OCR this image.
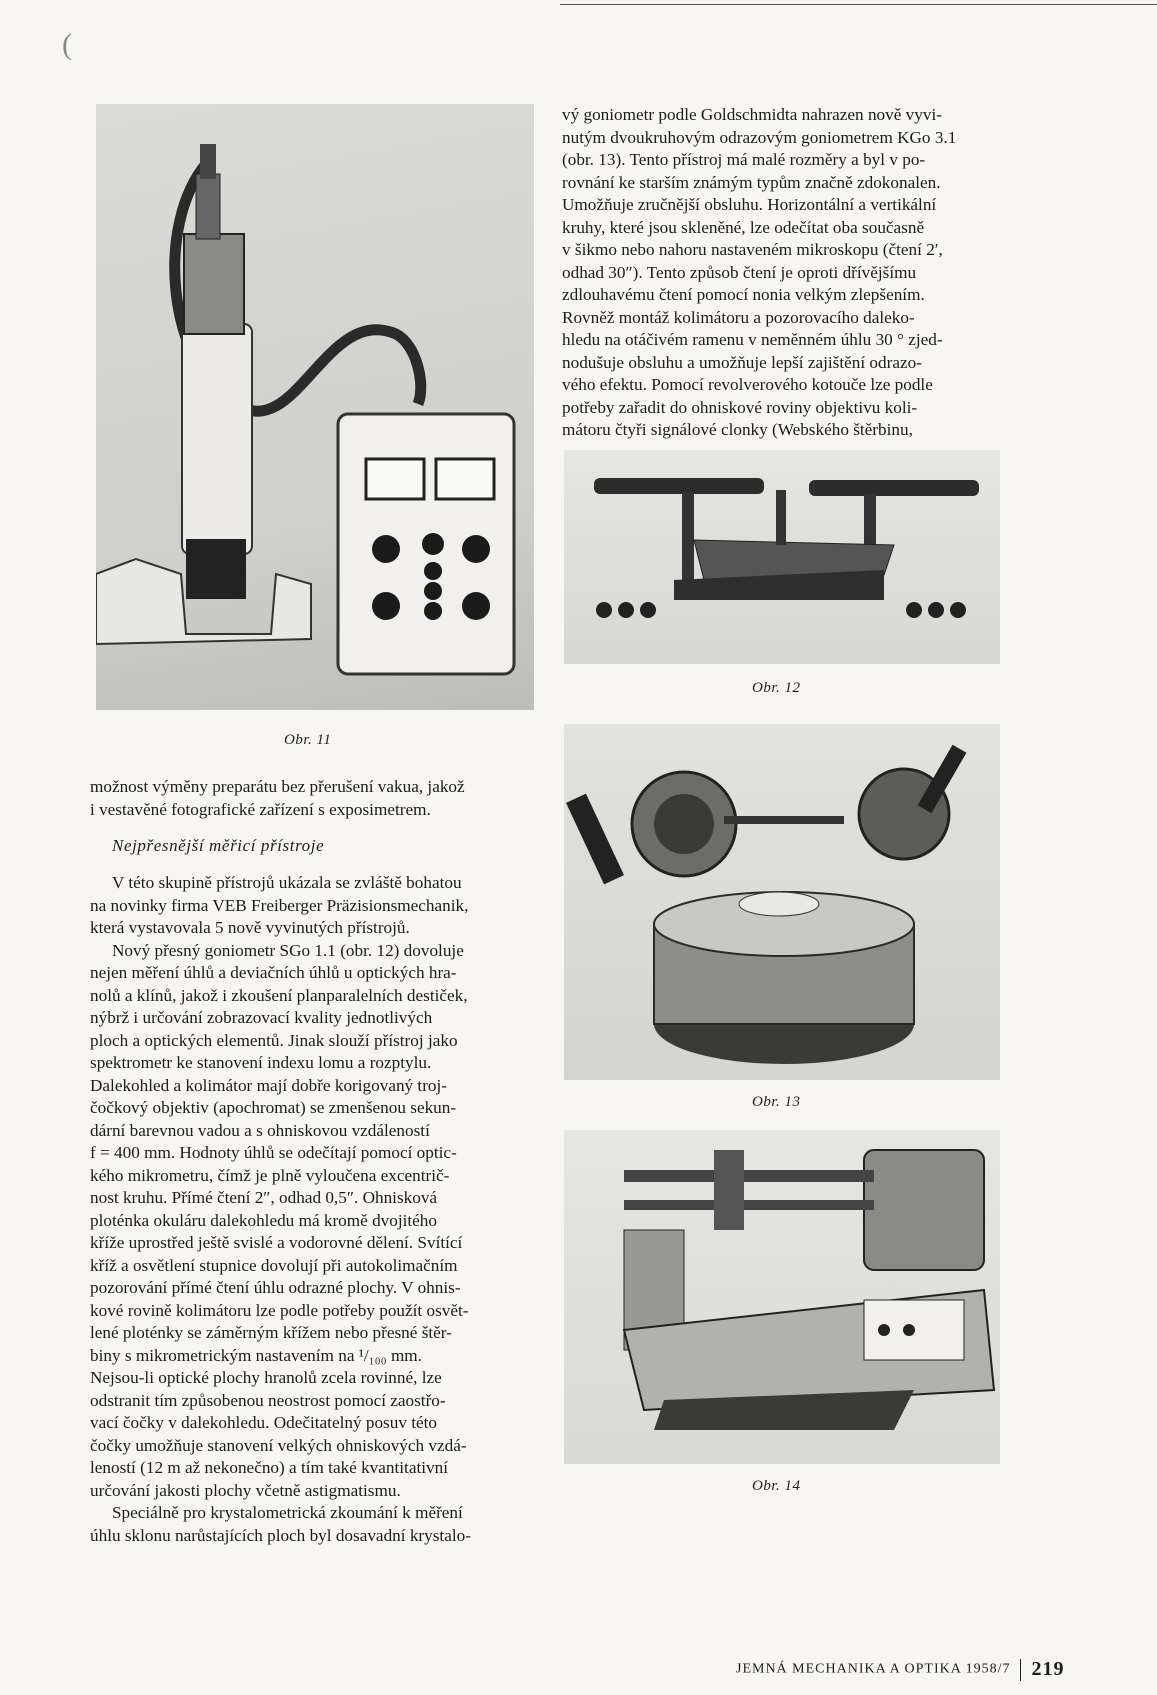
(
Obr. 11

vý goniometr podle Goldschmidta nahrazen nově vyvi-

nutým dvoukruhovým odrazovým goniometrem KGo 3.1

(obr. 13). Tento přístroj má malé rozměry a byl v po-

rovnání ke starším známým typům značně zdokonalen.

Umožňuje zručnější obsluhu. Horizontální a vertikální

kruhy, které jsou skleněné, lze odečítat oba současně

v šikmo nebo nahoru nastaveném mikroskopu (čtení 2′,

odhad 30″). Tento způsob čtení je oproti dřívějšímu

zdlouhavému čtení pomocí nonia velkým zlepšením.

Rovněž montáž kolimátoru a pozorovacího daleko-

hledu na otáčivém ramenu v neměnném úhlu 30 ° zjed-

nodušuje obsluhu a umožňuje lepší zajištění odrazo-

vého efektu. Pomocí revolverového kotouče lze podle

potřeby zařadit do ohniskové roviny objektivu koli-

mátoru čtyři signálové clonky (Webského štěrbinu,

Obr. 12
Obr. 13
Obr. 14

možnost výměny preparátu bez přerušení vakua, jakož

i vestavěné fotografické zařízení s exposimetrem.

Nejpřesnější měřicí přístroje

V této skupině přístrojů ukázala se zvláště bohatou

na novinky firma VEB Freiberger Präzisionsmechanik,

která vystavovala 5 nově vyvinutých přístrojů.

Nový přesný goniometr SGo 1.1 (obr. 12) dovoluje

nejen měření úhlů a deviačních úhlů u optických hra-

nolů a klínů, jakož i zkoušení planparalelních destiček,

nýbrž i určování zobrazovací kvality jednotlivých

ploch a optických elementů. Jinak slouží přístroj jako

spektrometr ke stanovení indexu lomu a rozptylu.

Dalekohled a kolimátor mají dobře korigovaný troj-

čočkový objektiv (apochromat) se zmenšenou sekun-

dární barevnou vadou a s ohniskovou vzdáleností

f = 400 mm. Hodnoty úhlů se odečítají pomocí optic-

kého mikrometru, čímž je plně vyloučena excentrič-

nost kruhu. Přímé čtení 2″, odhad 0,5″. Ohnisková

ploténka okuláru dalekohledu má kromě dvojitého

kříže uprostřed ještě svislé a vodorovné dělení. Svítící

kříž a osvětlení stupnice dovolují při autokolimačním

pozorování přímé čtení úhlu odrazné plochy. V ohnis-

kové rovině kolimátoru lze podle potřeby použít osvět-

lené ploténky se záměrným křížem nebo přesné štěr-

biny s mikrometrickým nastavením na ¹/₁₀₀ mm.

Nejsou-li optické plochy hranolů zcela rovinné, lze

odstranit tím způsobenou neostrost pomocí zaostřo-

vací čočky v dalekohledu. Odečitatelný posuv této

čočky umožňuje stanovení velkých ohniskových vzdá-

leností (12 m až nekonečno) a tím také kvantitativní

určování jakosti plochy včetně astigmatismu.

Speciálně pro krystalometrická zkoumání k měření

úhlu sklonu narůstajících ploch byl dosavadní krystalo-

JEMNÁ MECHANIKA A OPTIKA 1958/7 219
